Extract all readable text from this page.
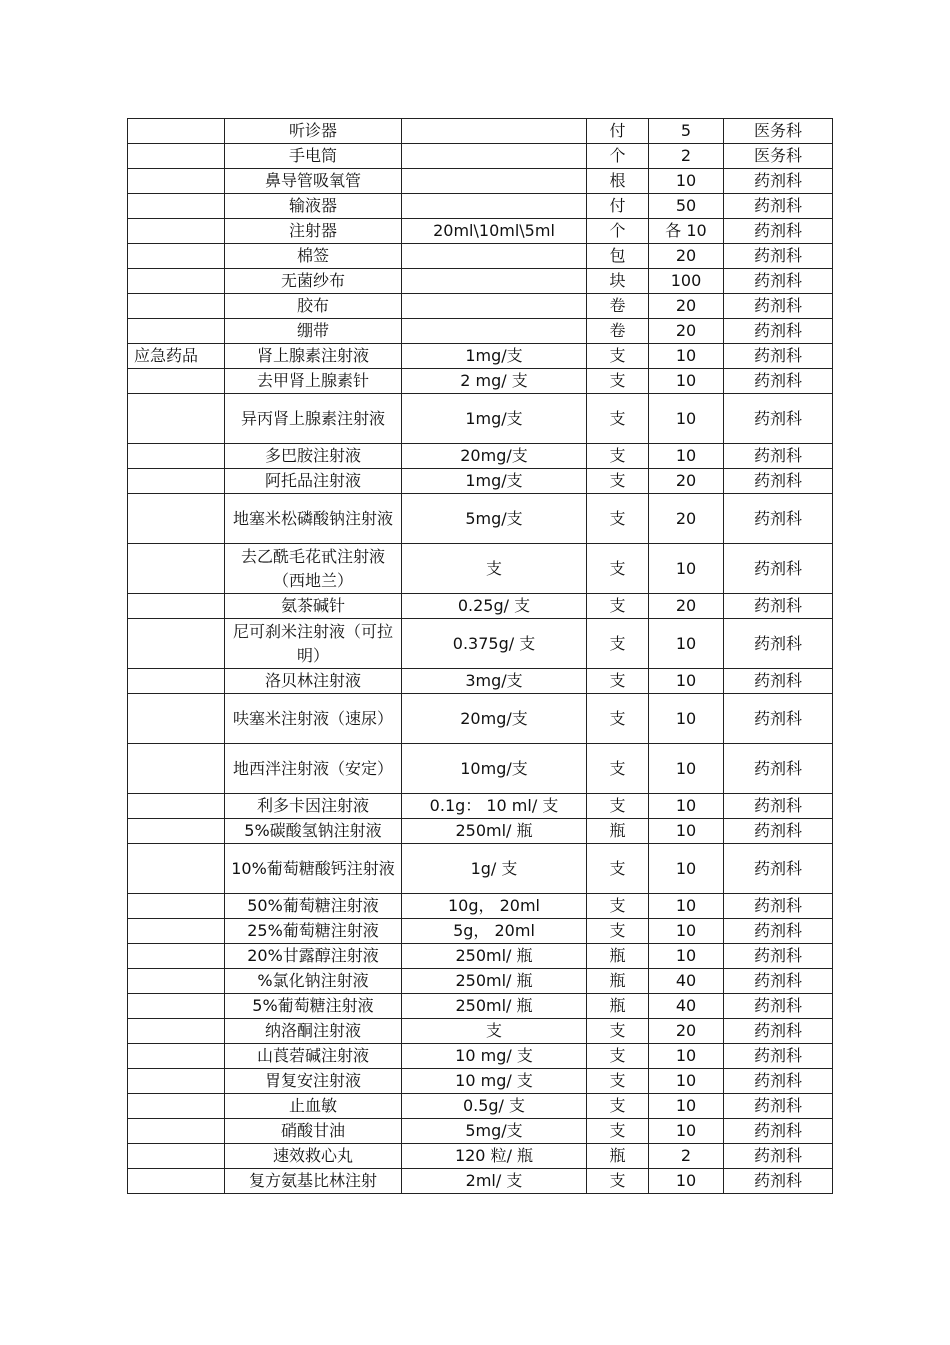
	听诊器		付	5	医务科
	手电筒		个	2	医务科
	鼻导管吸氧管		根	10	药剂科
	输液器		付	50	药剂科
	注射器	20ml\10ml\5ml	个	各 10	药剂科
	棉签		包	20	药剂科
	无菌纱布		块	100	药剂科
	胶布		卷	20	药剂科
	绷带		卷	20	药剂科
应急药品	肾上腺素注射液	1mg/支	支	10	药剂科
	去甲肾上腺素针	2 mg/ 支	支	10	药剂科
	异丙肾上腺素注射液	1mg/支	支	10	药剂科
	多巴胺注射液	20mg/支	支	10	药剂科
	阿托品注射液	1mg/支	支	20	药剂科
	地塞米松磷酸钠注射液	5mg/支	支	20	药剂科
	去乙酰毛花甙注射液（西地兰）	支	支	10	药剂科
	氨茶碱针	0.25g/ 支	支	20	药剂科
	尼可刹米注射液（可拉明）	0.375g/ 支	支	10	药剂科
	洛贝林注射液	3mg/支	支	10	药剂科
	呋塞米注射液（速尿）	20mg/支	支	10	药剂科
	地西泮注射液（安定）	10mg/支	支	10	药剂科
	利多卡因注射液	0.1g： 10 ml/ 支	支	10	药剂科
	5%碳酸氢钠注射液	250ml/ 瓶	瓶	10	药剂科
	10%葡萄糖酸钙注射液	1g/ 支	支	10	药剂科
	50%葡萄糖注射液	10g， 20ml	支	10	药剂科
	25%葡萄糖注射液	5g， 20ml	支	10	药剂科
	20%甘露醇注射液	250ml/ 瓶	瓶	10	药剂科
	%氯化钠注射液	250ml/ 瓶	瓶	40	药剂科
	5%葡萄糖注射液	250ml/ 瓶	瓶	40	药剂科
	纳洛酮注射液	支	支	20	药剂科
	山莨菪碱注射液	10 mg/ 支	支	10	药剂科
	胃复安注射液	10 mg/ 支	支	10	药剂科
	止血敏	0.5g/ 支	支	10	药剂科
	硝酸甘油	5mg/支	支	10	药剂科
	速效救心丸	120 粒/ 瓶	瓶	2	药剂科
	复方氨基比林注射	2ml/ 支	支	10	药剂科
